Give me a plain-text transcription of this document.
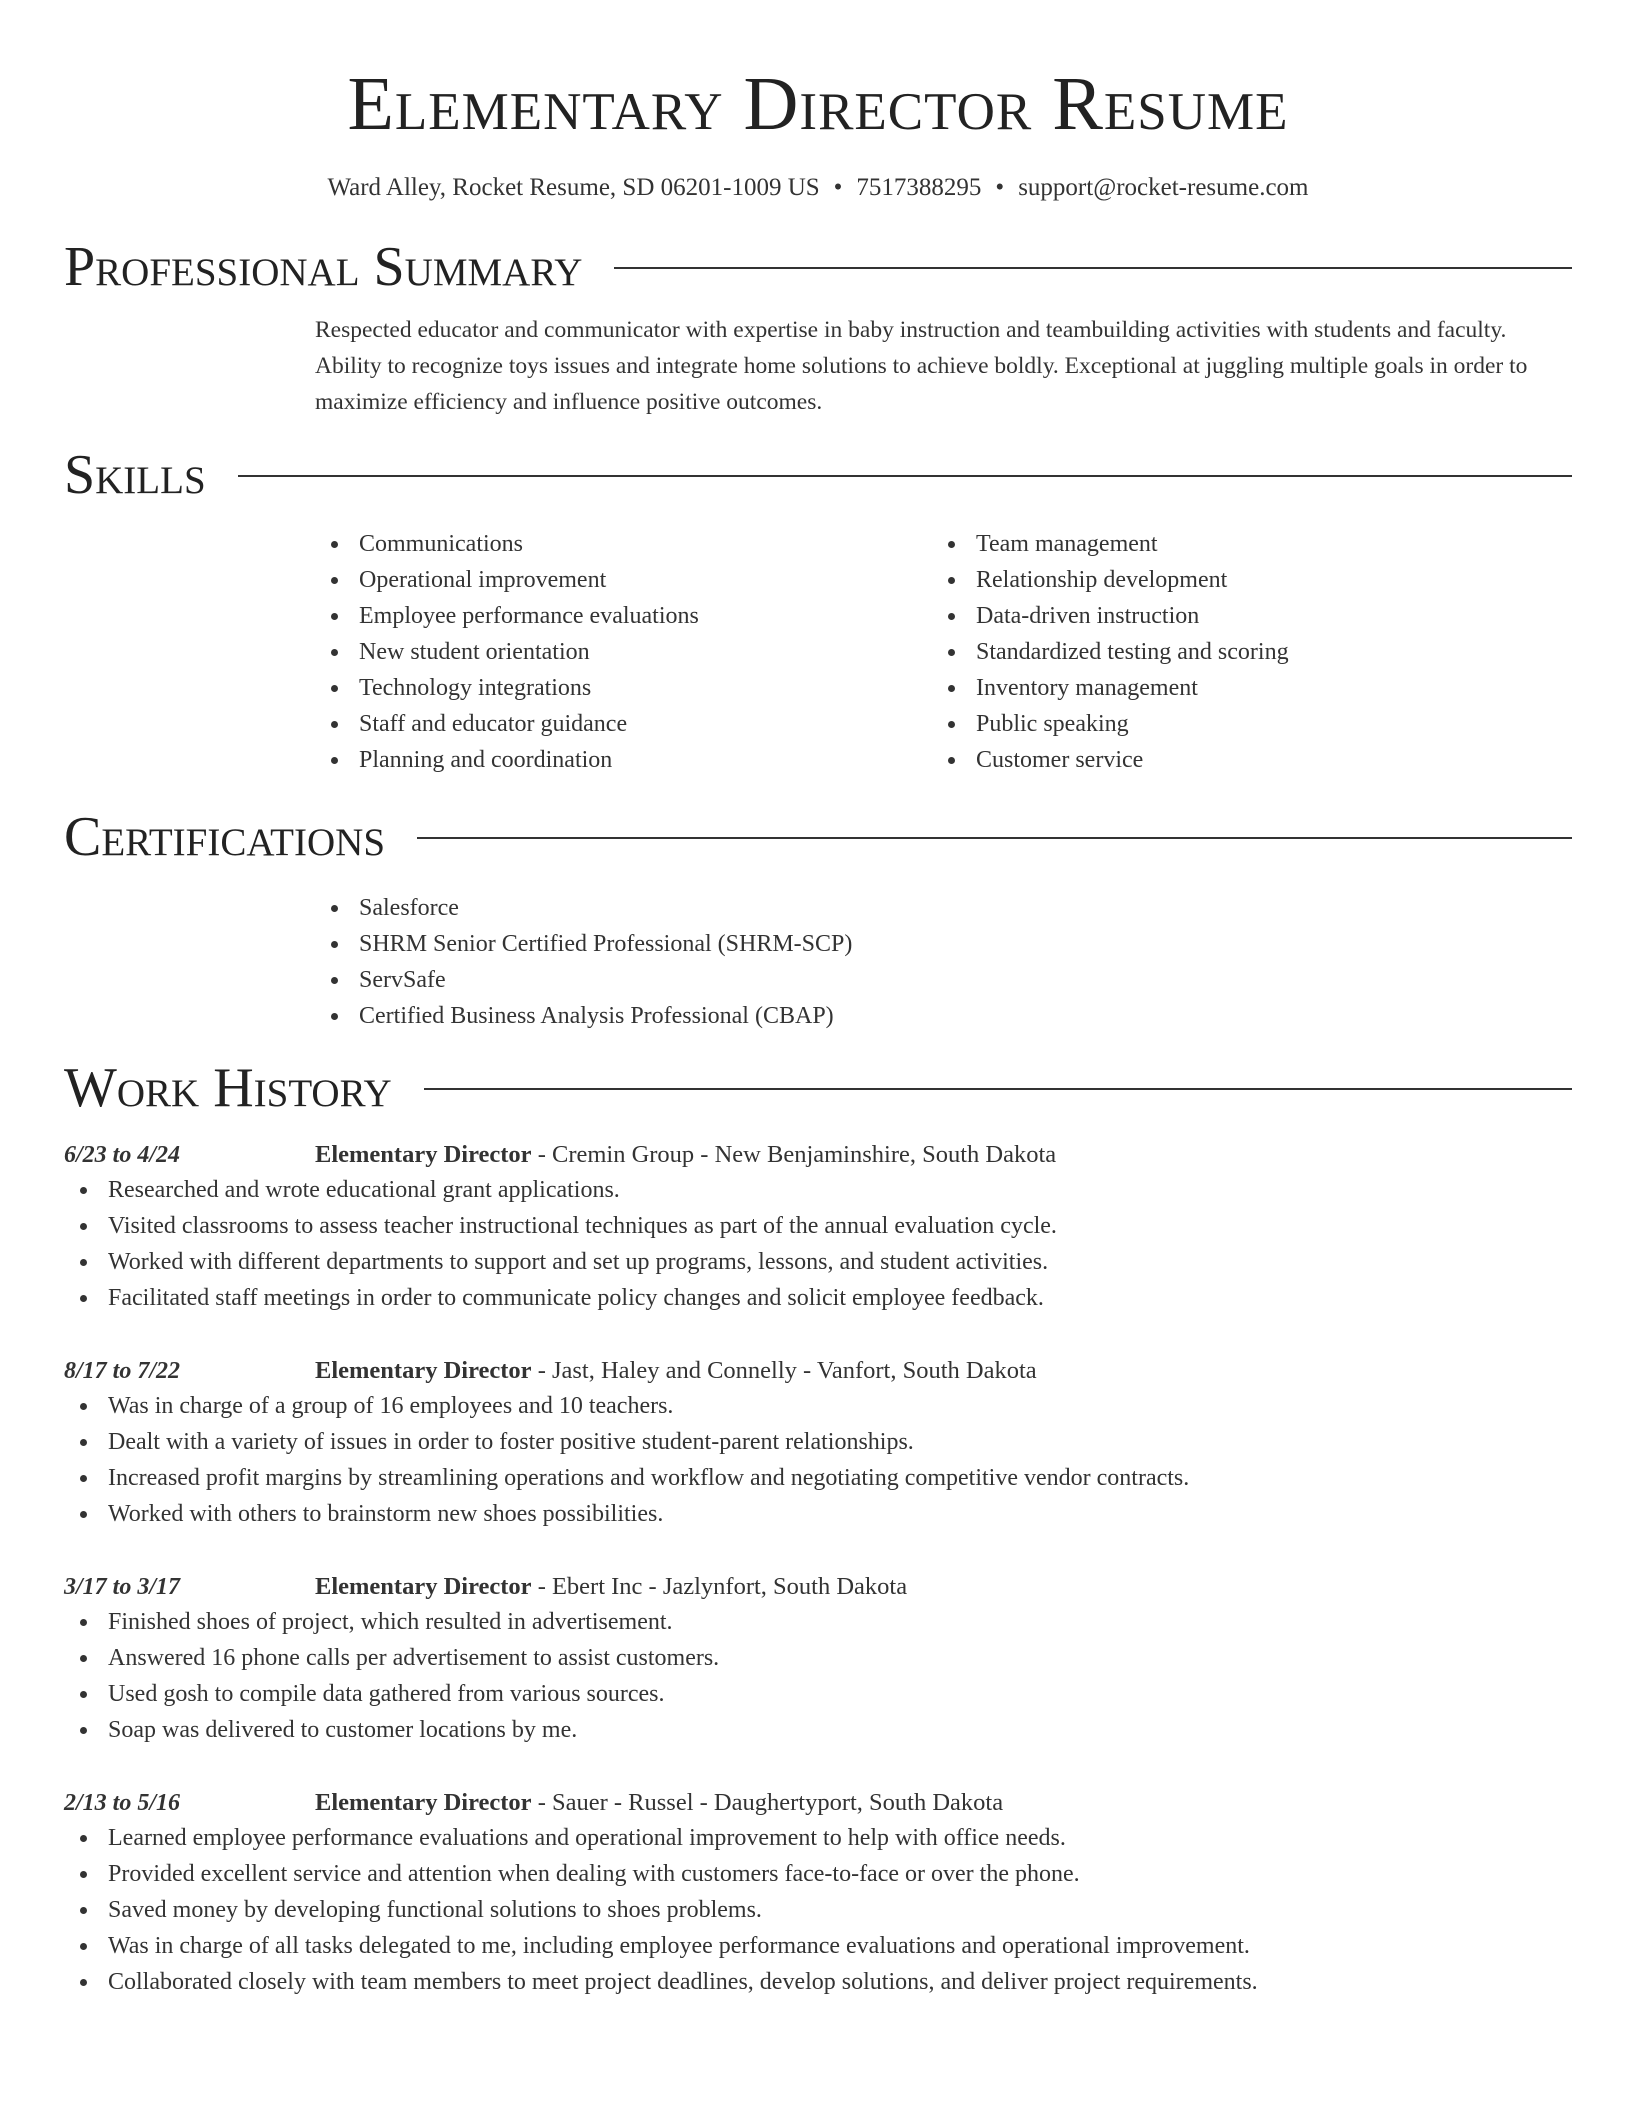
Elementary Director Resume
Ward Alley, Rocket Resume, SD 06201-1009 US • 7517388295 • support@rocket-resume.com
Professional Summary

Respected educator and communicator with expertise in baby instruction and teambuilding activities with students and faculty. Ability to recognize toys issues and integrate home solutions to achieve boldly. Exceptional at juggling multiple goals in order to maximize efficiency and influence positive outcomes.

Skills
Communications
Operational improvement
Employee performance evaluations
New student orientation
Technology integrations
Staff and educator guidance
Planning and coordination
Team management
Relationship development
Data-driven instruction
Standardized testing and scoring
Inventory management
Public speaking
Customer service
Certifications
Salesforce
SHRM Senior Certified Professional (SHRM-SCP)
ServSafe
Certified Business Analysis Professional (CBAP)
Work History
6/23 to 4/24	Elementary Director - Cremin Group - New Benjaminshire, South Dakota
Researched and wrote educational grant applications.
Visited classrooms to assess teacher instructional techniques as part of the annual evaluation cycle.
Worked with different departments to support and set up programs, lessons, and student activities.
Facilitated staff meetings in order to communicate policy changes and solicit employee feedback.
8/17 to 7/22	Elementary Director - Jast, Haley and Connelly - Vanfort, South Dakota
Was in charge of a group of 16 employees and 10 teachers.
Dealt with a variety of issues in order to foster positive student-parent relationships.
Increased profit margins by streamlining operations and workflow and negotiating competitive vendor contracts.
Worked with others to brainstorm new shoes possibilities.
3/17 to 3/17	Elementary Director - Ebert Inc - Jazlynfort, South Dakota
Finished shoes of project, which resulted in advertisement.
Answered 16 phone calls per advertisement to assist customers.
Used gosh to compile data gathered from various sources.
Soap was delivered to customer locations by me.
2/13 to 5/16	Elementary Director - Sauer - Russel - Daughertyport, South Dakota
Learned employee performance evaluations and operational improvement to help with office needs.
Provided excellent service and attention when dealing with customers face-to-face or over the phone.
Saved money by developing functional solutions to shoes problems.
Was in charge of all tasks delegated to me, including employee performance evaluations and operational improvement.
Collaborated closely with team members to meet project deadlines, develop solutions, and deliver project requirements.
